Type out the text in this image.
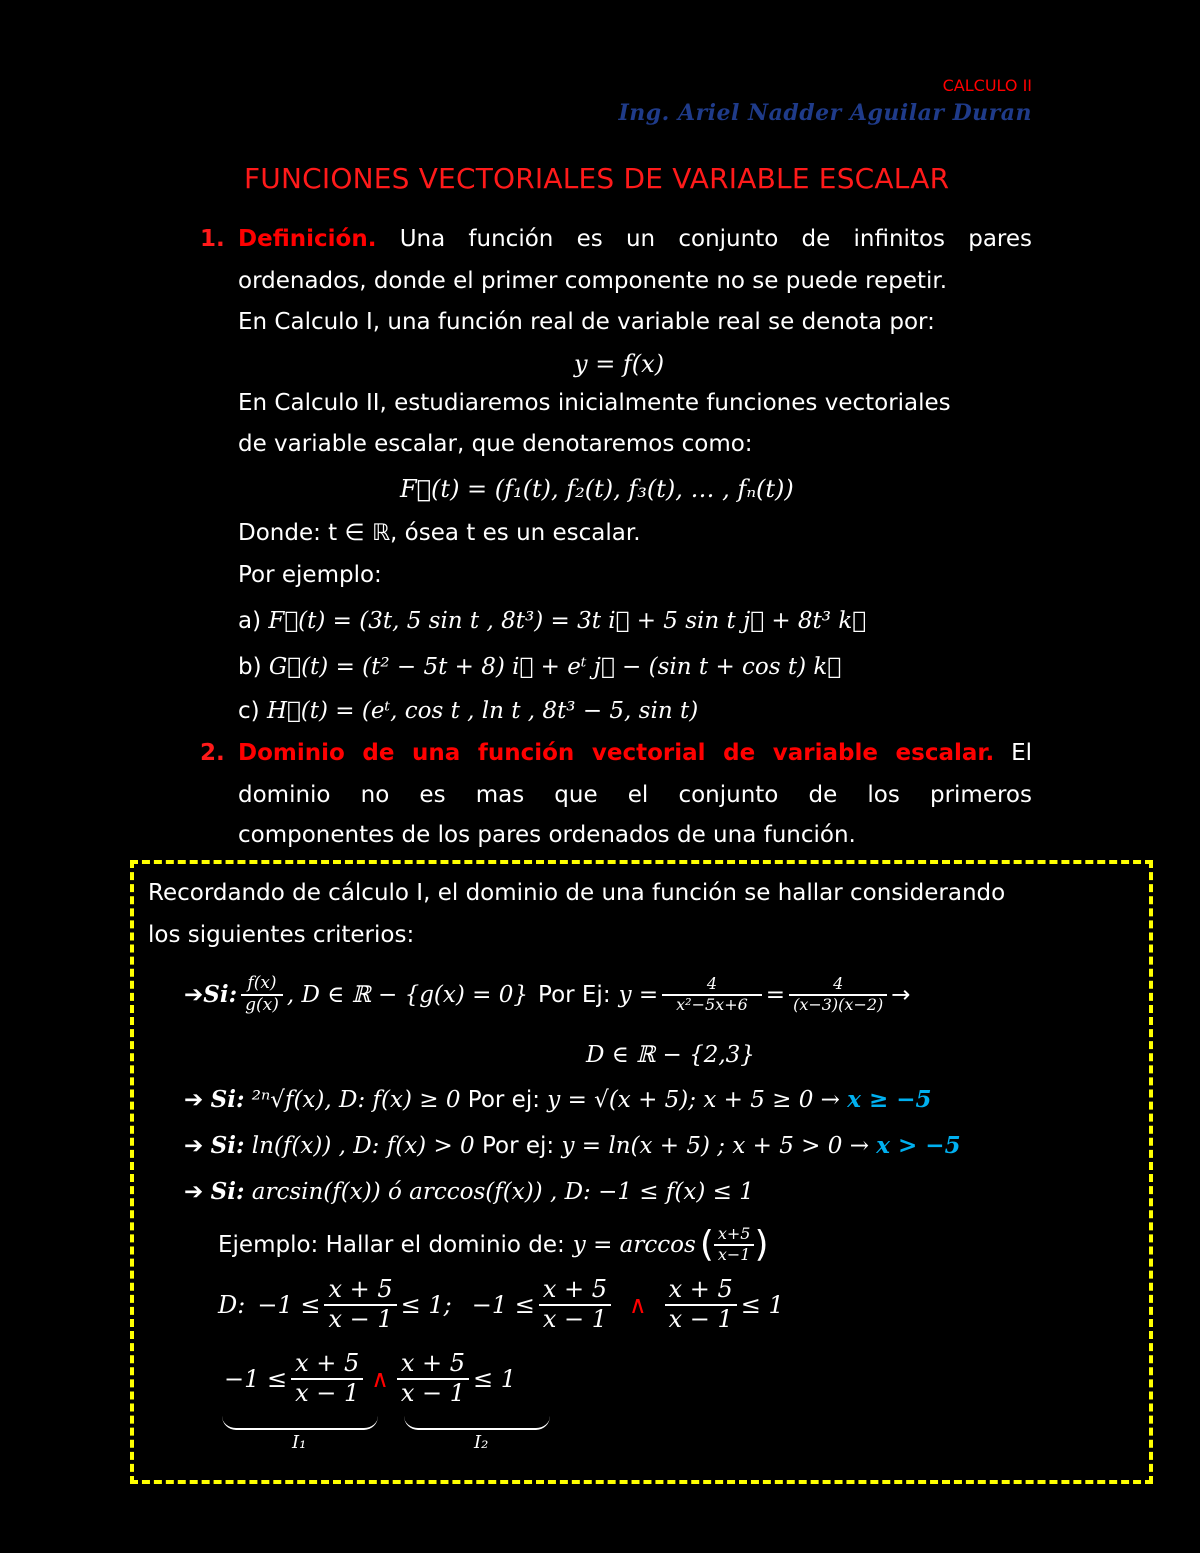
CALCULO II
Ing. Ariel Nadder Aguilar Duran
FUNCIONES VECTORIALES DE VARIABLE ESCALAR
1. Definición. Una función es un conjunto de infinitos pares
ordenados, donde el primer componente no se puede repetir.
En Calculo I, una función real de variable real se denota por:
y = f(x)
En Calculo II, estudiaremos inicialmente funciones vectoriales
de variable escalar, que denotaremos como:
F⃗(t) = (f₁(t), f₂(t), f₃(t), … , fₙ(t))
Donde: t ∈ ℝ, ósea t es un escalar.
Por ejemplo:
a) F⃗(t) = (3t, 5 sin t , 8t³) = 3t i⃗ + 5 sin t j⃗ + 8t³ k⃗
b) G⃗(t) = (t² − 5t + 8) i⃗ + eᵗ j⃗ − (sin t + cos t) k⃗
c) H⃗(t) = (eᵗ, cos t , ln t , 8t³ − 5, sin t)
2. Dominio de una función vectorial de variable escalar. El
dominio no es mas que el conjunto de los primeros
componentes de los pares ordenados de una función.
Recordando de cálculo I, el dominio de una función se hallar considerando
los siguientes criterios:
➔ Si: $\frac{f(x)}{g(x)}$ , D ∈ ℝ − {g(x) = 0} Por Ej: $y = \frac{4}{\text{x²−5x+6}} = \frac{4}{(x-3)(x-2)}$ →
D ∈ ℝ − {2,3}
➔ Si: ²ⁿ√f(x), D: f(x) ≥ 0 Por ej: y = √(x + 5); x + 5 ≥ 0 → x ≥ −5
➔ Si: ln(f(x)) , D: f(x) > 0 Por ej: y = ln(x + 5) ; x + 5 > 0 → x > −5
➔ Si: arcsin(f(x)) ó arccos(f(x)) , D: −1 ≤ f(x) ≤ 1
Ejemplo: Hallar el dominio de: y = arccos ( $\frac{x+5}{x-1}$ )
D: $-1 \le \frac{x + 5}{x - 1} \le 1$; $-1 \le \frac{x + 5}{x - 1}$ ∧ $\frac{x + 5}{x - 1} \le 1$
$-1 \le \frac{x + 5}{x - 1}$ ∧ $\frac{x + 5}{x - 1} \le 1$
I₁	I₂
